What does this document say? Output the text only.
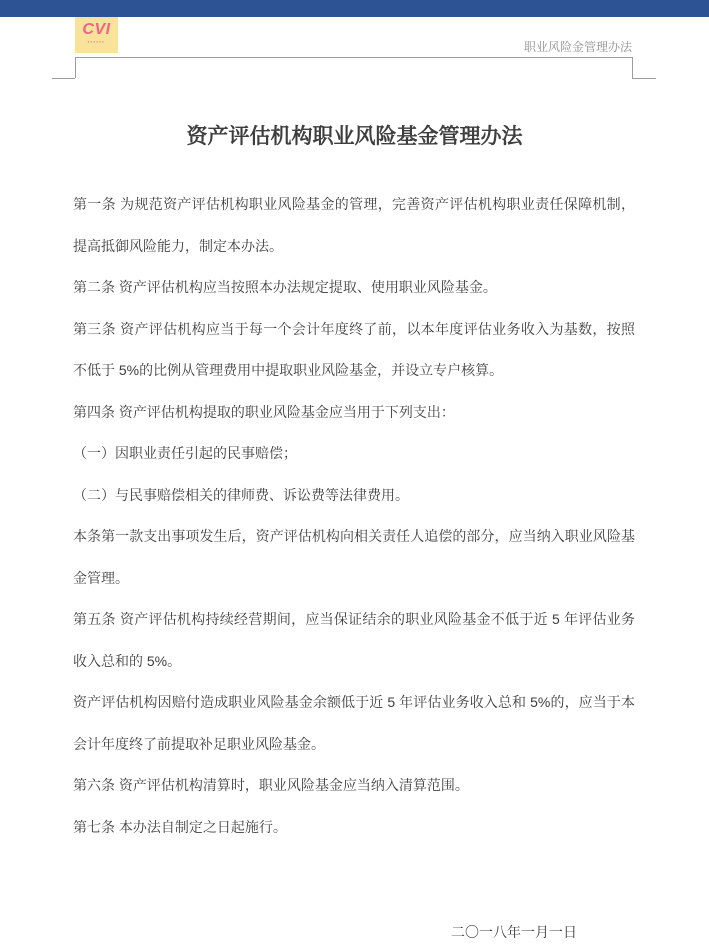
CVI
▪▪▪▪▪▪	职业风险金管理办法
资产评估机构职业风险基金管理办法

第一条 为规范资产评估机构职业风险基金的管理，完善资产评估机构职业责任保障机制，提高抵御风险能力，制定本办法。

第二条 资产评估机构应当按照本办法规定提取、使用职业风险基金。

第三条 资产评估机构应当于每一个会计年度终了前，以本年度评估业务收入为基数，按照不低于 5%的比例从管理费用中提取职业风险基金，并设立专户核算。

第四条 资产评估机构提取的职业风险基金应当用于下列支出：

（一）因职业责任引起的民事赔偿；

（二）与民事赔偿相关的律师费、诉讼费等法律费用。

本条第一款支出事项发生后，资产评估机构向相关责任人追偿的部分，应当纳入职业风险基金管理。

第五条 资产评估机构持续经营期间，应当保证结余的职业风险基金不低于近 5 年评估业务收入总和的 5%。

资产评估机构因赔付造成职业风险基金余额低于近 5 年评估业务收入总和 5%的，应当于本会计年度终了前提取补足职业风险基金。

第六条 资产评估机构清算时，职业风险基金应当纳入清算范围。

第七条 本办法自制定之日起施行。

二〇一八年一月一日
